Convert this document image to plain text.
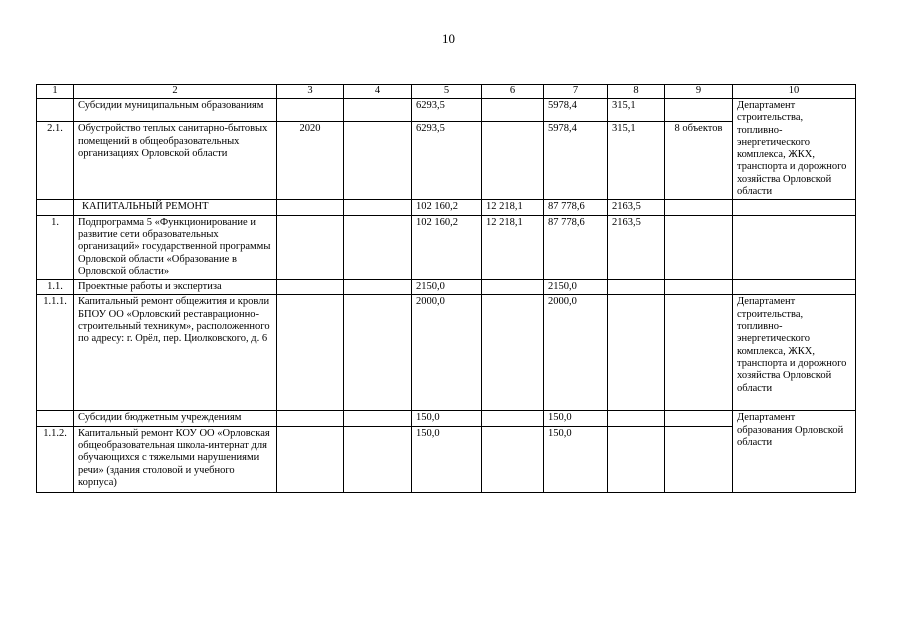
10
1	2	3	4	5	6	7	8	9	10
	Субсидии муниципальным образованиям			6293,5		5978,4	315,1		Департамент строительства, топливно-энергетического комплекса, ЖКХ, транспорта и дорожного хозяйства Орловской области
2.1.	Обустройство теплых санитарно-бытовых помещений в общеобразовательных организациях Орловской области	2020		6293,5		5978,4	315,1	8 объектов	
	КАПИТАЛЬНЫЙ РЕМОНТ			102 160,2	12 218,1	87 778,6	2163,5		
1.	Подпрограмма 5 «Функционирование и развитие сети образовательных организаций» государственной программы Орловской области «Образование в Орловской области»			102 160,2	12 218,1	87 778,6	2163,5		
1.1.	Проектные работы и экспертиза			2150,0		2150,0			
1.1.1.	Капитальный ремонт общежития и кровли БПОУ ОО «Орловский реставрационно-строительный техникум», расположенного по адресу: г. Орёл, пер. Циолковского, д. 6			2000,0		2000,0			Департамент строительства, топливно-энергетического комплекса, ЖКХ, транспорта и дорожного хозяйства Орловской области
	Субсидии бюджетным учреждениям			150,0		150,0			Департамент образования Орловской области
1.1.2.	Капитальный ремонт КОУ ОО «Орловская общеобразовательная школа-интернат для обучающихся с тяжелыми нарушениями речи» (здания столовой и учебного корпуса)			150,0		150,0			
